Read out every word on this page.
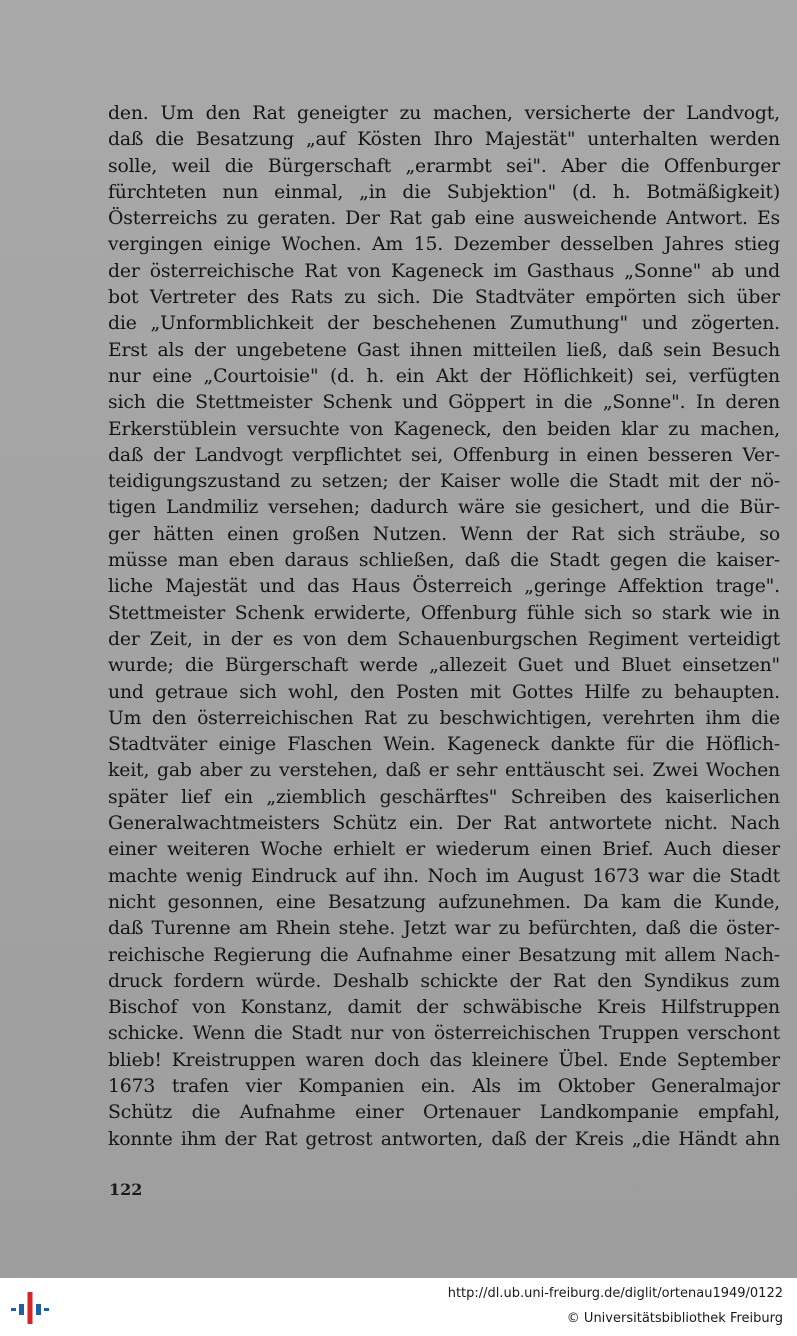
den. Um den Rat geneigter zu machen, versicherte der Landvogt,
daß die Besatzung „auf Kösten Ihro Majestät" unterhalten werden
solle, weil die Bürgerschaft „erarmbt sei". Aber die Offenburger
fürchteten nun einmal, „in die Subjektion" (d. h. Botmäßigkeit)
Österreichs zu geraten. Der Rat gab eine ausweichende Antwort. Es
vergingen einige Wochen. Am 15. Dezember desselben Jahres stieg
der österreichische Rat von Kageneck im Gasthaus „Sonne" ab und
bot Vertreter des Rats zu sich. Die Stadtväter empörten sich über
die „Unformblichkeit der beschehenen Zumuthung" und zögerten.
Erst als der ungebetene Gast ihnen mitteilen ließ, daß sein Besuch
nur eine „Courtoisie" (d. h. ein Akt der Höflichkeit) sei, verfügten
sich die Stettmeister Schenk und Göppert in die „Sonne". In deren
Erkerstüblein versuchte von Kageneck, den beiden klar zu machen,
daß der Landvogt verpflichtet sei, Offenburg in einen besseren Ver-
teidigungszustand zu setzen; der Kaiser wolle die Stadt mit der nö-
tigen Landmiliz versehen; dadurch wäre sie gesichert, und die Bür-
ger hätten einen großen Nutzen. Wenn der Rat sich sträube, so
müsse man eben daraus schließen, daß die Stadt gegen die kaiser-
liche Majestät und das Haus Österreich „geringe Affektion trage".
Stettmeister Schenk erwiderte, Offenburg fühle sich so stark wie in
der Zeit, in der es von dem Schauenburgschen Regiment verteidigt
wurde; die Bürgerschaft werde „allezeit Guet und Bluet einsetzen"
und getraue sich wohl, den Posten mit Gottes Hilfe zu behaupten.
Um den österreichischen Rat zu beschwichtigen, verehrten ihm die
Stadtväter einige Flaschen Wein. Kageneck dankte für die Höflich-
keit, gab aber zu verstehen, daß er sehr enttäuscht sei. Zwei Wochen
später lief ein „ziemblich geschärftes" Schreiben des kaiserlichen
Generalwachtmeisters Schütz ein. Der Rat antwortete nicht. Nach
einer weiteren Woche erhielt er wiederum einen Brief. Auch dieser
machte wenig Eindruck auf ihn. Noch im August 1673 war die Stadt
nicht gesonnen, eine Besatzung aufzunehmen. Da kam die Kunde,
daß Turenne am Rhein stehe. Jetzt war zu befürchten, daß die öster-
reichische Regierung die Aufnahme einer Besatzung mit allem Nach-
druck fordern würde. Deshalb schickte der Rat den Syndikus zum
Bischof von Konstanz, damit der schwäbische Kreis Hilfstruppen
schicke. Wenn die Stadt nur von österreichischen Truppen verschont
blieb! Kreistruppen waren doch das kleinere Übel. Ende September
1673 trafen vier Kompanien ein. Als im Oktober Generalmajor
Schütz die Aufnahme einer Ortenauer Landkompanie empfahl,
konnte ihm der Rat getrost antworten, daß der Kreis „die Händt ahn
122
http://dl.ub.uni-freiburg.de/diglit/ortenau1949/0122
© Universitätsbibliothek Freiburg
